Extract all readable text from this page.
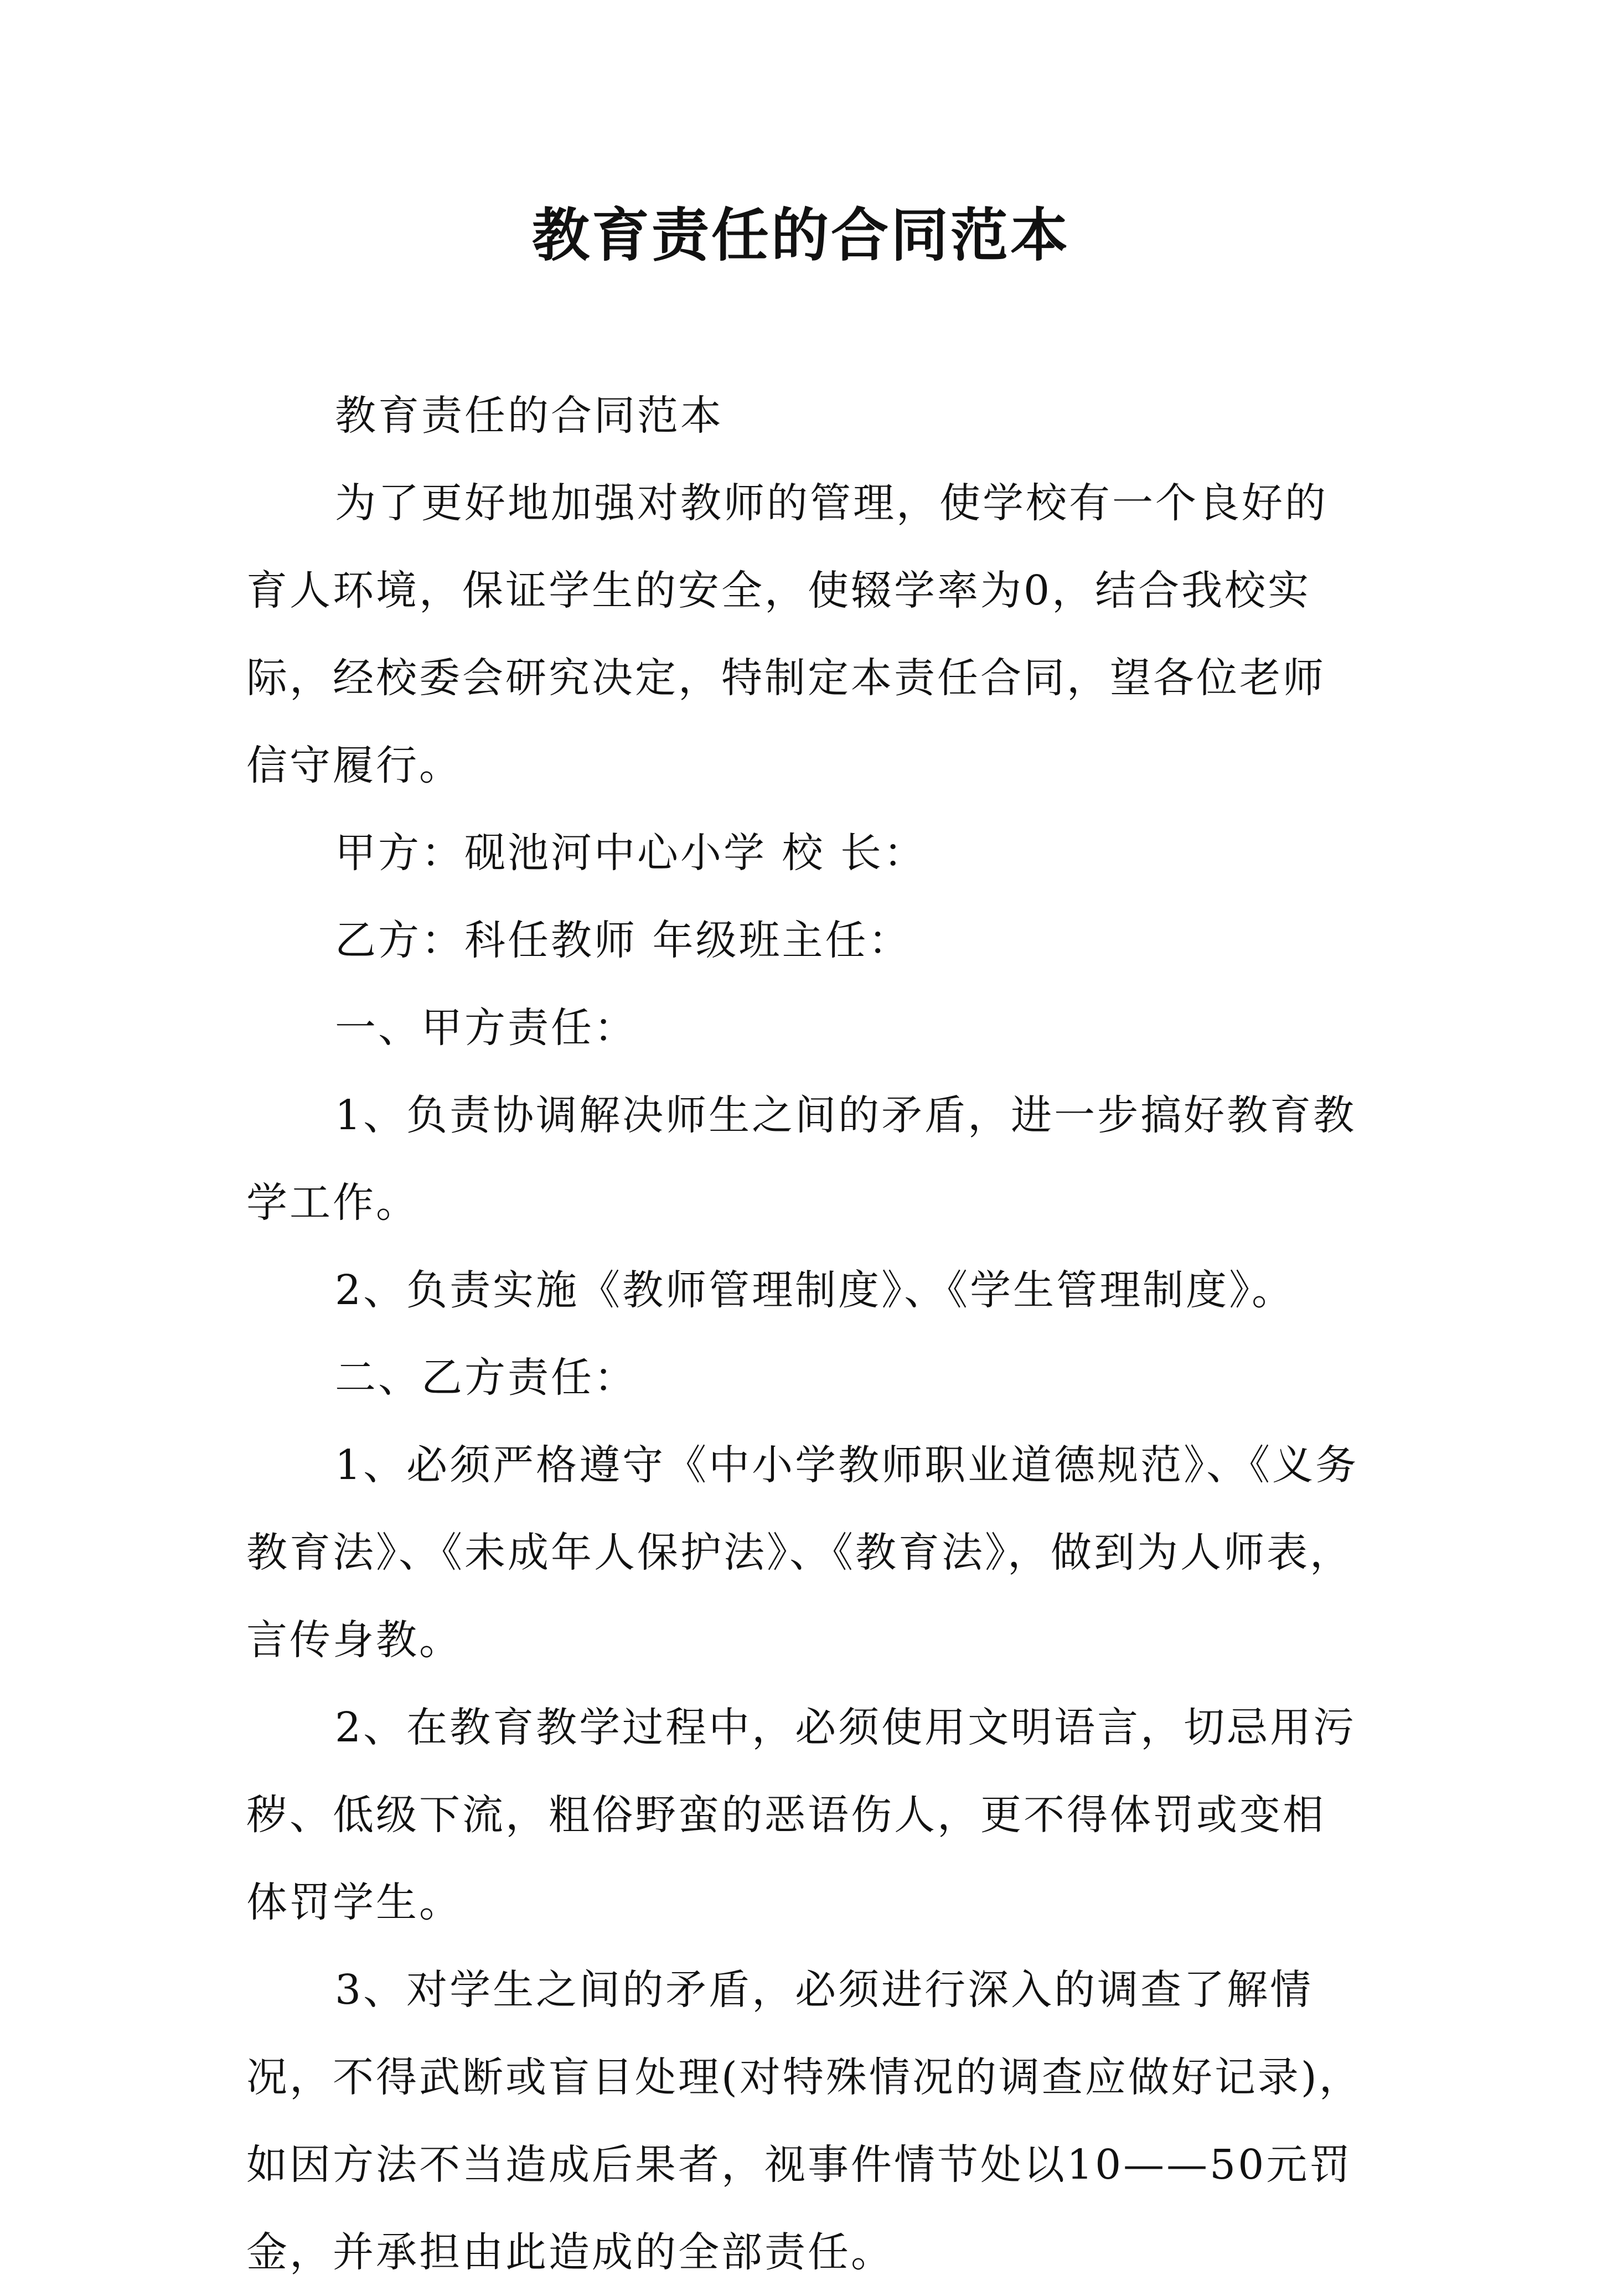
教育责任的合同范本

教育责任的合同范本

为了更好地加强对教师的管理，使学校有一个良好的育人环境，保证学生的安全，使辍学率为0，结合我校实际，经校委会研究决定，特制定本责任合同，望各位老师信守履行。

甲方：砚池河中心小学 校 长：

乙方：科任教师 年级班主任：

一、甲方责任：

1、负责协调解决师生之间的矛盾，进一步搞好教育教学工作。

2、负责实施《教师管理制度》、《学生管理制度》。

二、乙方责任：

1、必须严格遵守《中小学教师职业道德规范》、《义务教育法》、《未成年人保护法》、《教育法》，做到为人师表，言传身教。

2、在教育教学过程中，必须使用文明语言，切忌用污秽、低级下流，粗俗野蛮的恶语伤人，更不得体罚或变相体罚学生。

3、对学生之间的矛盾，必须进行深入的调查了解情况，不得武断或盲目处理(对特殊情况的调查应做好记录)，如因方法不当造成后果者，视事件情节处以10——50元罚金，并承担由此造成的全部责任。
